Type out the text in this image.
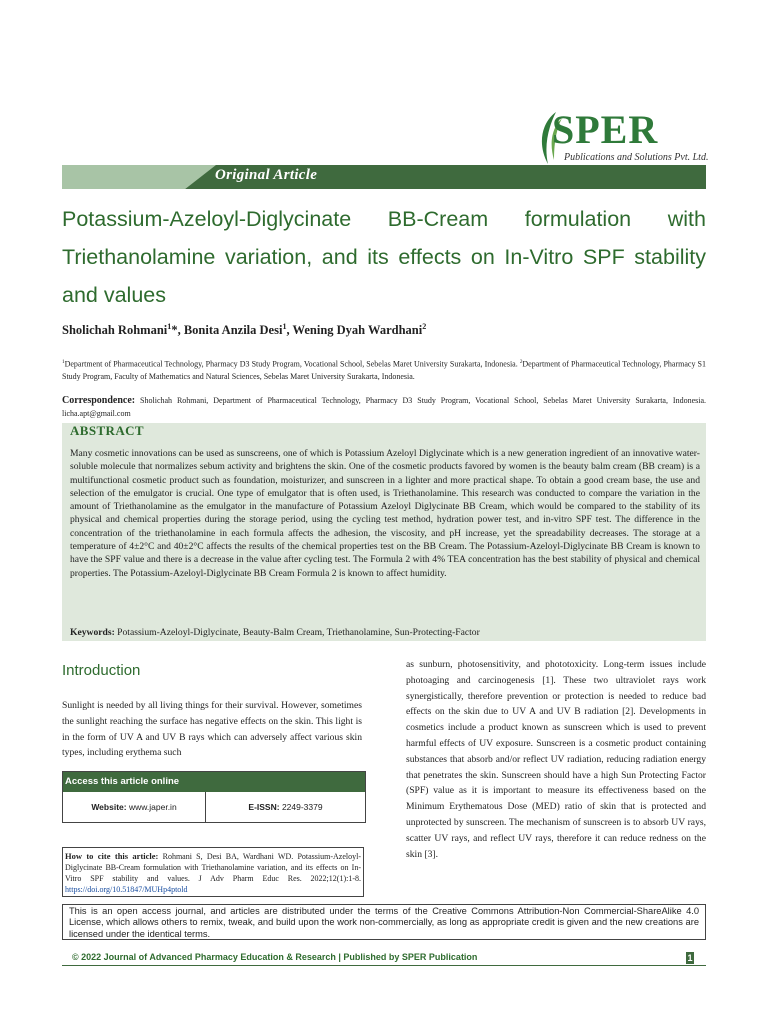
SPER
Publications and Solutions Pvt. Ltd.
Original Article
Potassium-Azeloyl-Diglycinate BB-Cream formulation with Triethanolamine variation, and its effects on In-Vitro SPF stability and values
Sholichah Rohmani$^1$*, Bonita Anzila Desi$^1$, Wening Dyah Wardhani$^2$
$^1$Department of Pharmaceutical Technology, Pharmacy D3 Study Program, Vocational School, Sebelas Maret University Surakarta, Indonesia. $^2$Department of Pharmaceutical Technology, Pharmacy S1 Study Program, Faculty of Mathematics and Natural Sciences, Sebelas Maret University Surakarta, Indonesia.
Correspondence: Sholichah Rohmani, Department of Pharmaceutical Technology, Pharmacy D3 Study Program, Vocational School, Sebelas Maret University Surakarta, Indonesia. licha.apt@gmail.com
ABSTRACT
Many cosmetic innovations can be used as sunscreens, one of which is Potassium Azeloyl Diglycinate which is a new generation ingredient of an innovative water-soluble molecule that normalizes sebum activity and brightens the skin. One of the cosmetic products favored by women is the beauty balm cream (BB cream) is a multifunctional cosmetic product such as foundation, moisturizer, and sunscreen in a lighter and more practical shape. To obtain a good cream base, the use and selection of the emulgator is crucial. One type of emulgator that is often used, is Triethanolamine. This research was conducted to compare the variation in the amount of Triethanolamine as the emulgator in the manufacture of Potassium Azeloyl Diglycinate BB Cream, which would be compared to the stability of its physical and chemical properties during the storage period, using the cycling test method, hydration power test, and in-vitro SPF test. The difference in the concentration of the triethanolamine in each formula affects the adhesion, the viscosity, and pH increase, yet the spreadability decreases. The storage at a temperature of 4±2°C and 40±2°C affects the results of the chemical properties test on the BB Cream. The Potassium-Azeloyl-Diglycinate BB Cream is known to have the SPF value and there is a decrease in the value after cycling test. The Formula 2 with 4% TEA concentration has the best stability of physical and chemical properties. The Potassium-Azeloyl-Diglycinate BB Cream Formula 2 is known to affect humidity.
Keywords: Potassium-Azeloyl-Diglycinate, Beauty-Balm Cream, Triethanolamine, Sun-Protecting-Factor
Introduction
Sunlight is needed by all living things for their survival. However, sometimes the sunlight reaching the surface has negative effects on the skin. This light is in the form of UV A and UV B rays which can adversely affect various skin types, including erythema such
as sunburn, photosensitivity, and phototoxicity. Long-term issues include photoaging and carcinogenesis [1]. These two ultraviolet rays work synergistically, therefore prevention or protection is needed to reduce bad effects on the skin due to UV A and UV B radiation [2]. Developments in cosmetics include a product known as sunscreen which is used to prevent harmful effects of UV exposure. Sunscreen is a cosmetic product containing substances that absorb and/or reflect UV radiation, reducing radiation energy that penetrates the skin. Sunscreen should have a high Sun Protecting Factor (SPF) value as it is important to measure its effectiveness based on the Minimum Erythematous Dose (MED) ratio of skin that is protected and unprotected by sunscreen. The mechanism of sunscreen is to absorb UV rays, scatter UV rays, and reflect UV rays, therefore it can reduce redness on the skin [3].
Access this article online
Website: www.japer.in	E-ISSN: 2249-3379
How to cite this article: Rohmani S, Desi BA, Wardhani WD. Potassium-Azeloyl-Diglycinate BB-Cream formulation with Triethanolamine variation, and its effects on In-Vitro SPF stability and values. J Adv Pharm Educ Res. 2022;12(1):1-8. https://doi.org/10.51847/MUHp4ptold
This is an open access journal, and articles are distributed under the terms of the Creative Commons Attribution-Non Commercial-ShareAlike 4.0 License, which allows others to remix, tweak, and build upon the work non-commercially, as long as appropriate credit is given and the new creations are licensed under the identical terms.
© 2022 Journal of Advanced Pharmacy Education & Research | Published by SPER Publication	1
